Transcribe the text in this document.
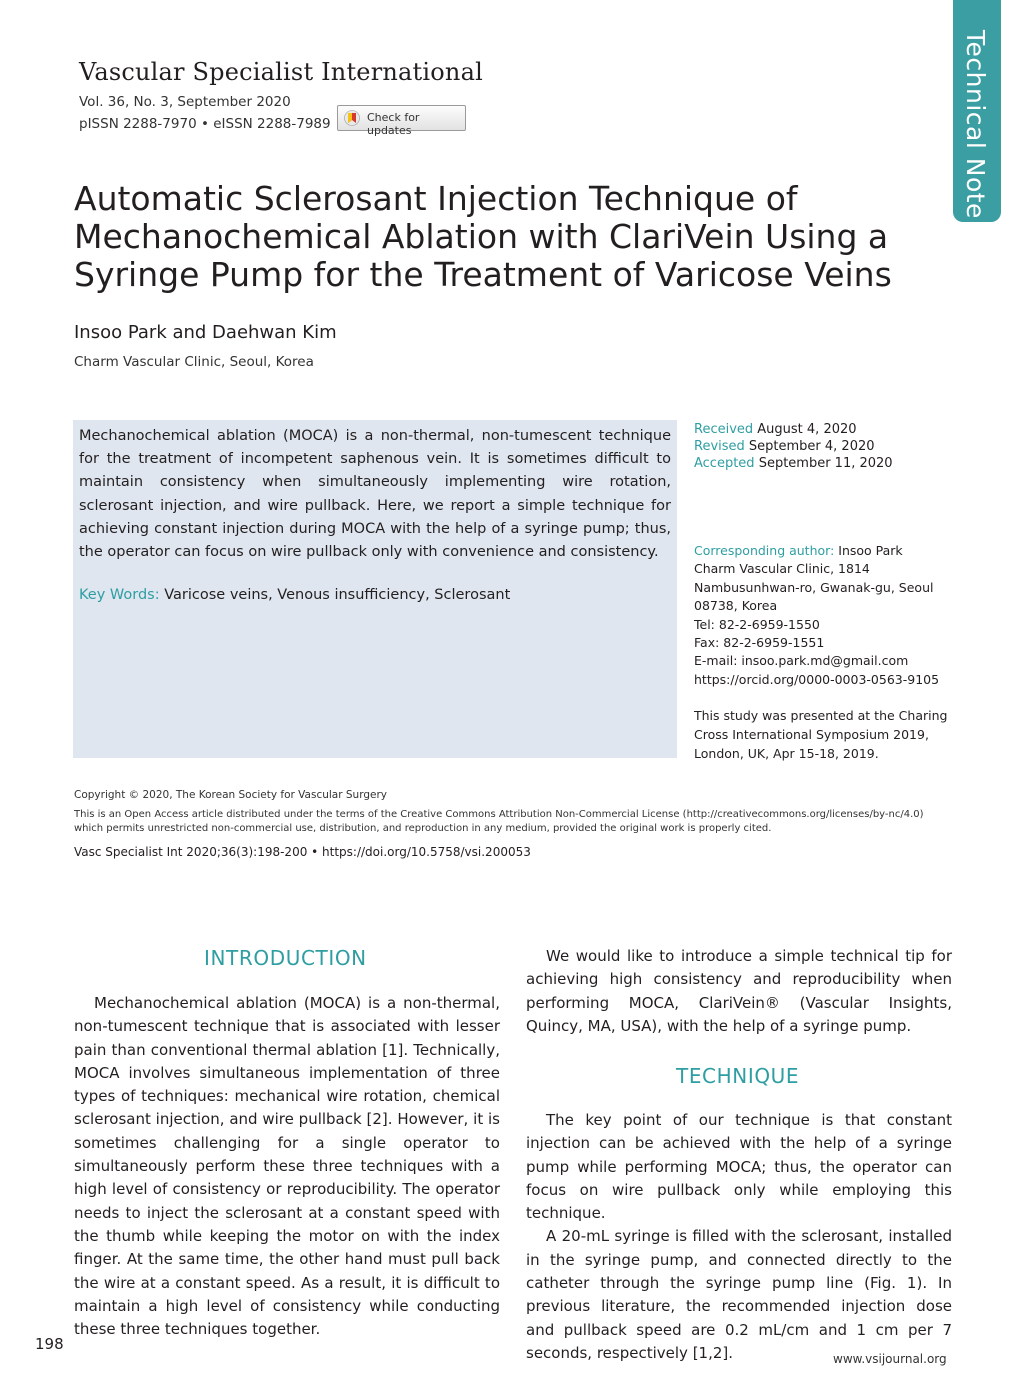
Technical Note
Vascular Specialist International
Vol. 36, No. 3, September 2020
pISSN 2288-7970 • eISSN 2288-7989	Check for updates
Automatic Sclerosant Injection Technique of Mechanochemical Ablation with ClariVein Using a Syringe Pump for the Treatment of Varicose Veins
Insoo Park and Daehwan Kim
Charm Vascular Clinic, Seoul, Korea
Mechanochemical ablation (MOCA) is a non-thermal, non-tumescent technique for the treatment of incompetent saphenous vein. It is sometimes difficult to maintain consistency when simultaneously implementing wire rotation, sclerosant injection, and wire pullback. Here, we report a simple technique for achieving constant injection during MOCA with the help of a syringe pump; thus, the operator can focus on wire pullback only with convenience and consistency.
Key Words: Varicose veins, Venous insufficiency, Sclerosant
Received August 4, 2020
Revised September 4, 2020
Accepted September 11, 2020
Corresponding author: Insoo Park
Charm Vascular Clinic, 1814
Nambusunhwan-ro, Gwanak-gu, Seoul
08738, Korea
Tel: 82-2-6959-1550
Fax: 82-2-6959-1551
E-mail: insoo.park.md@gmail.com
https://orcid.org/0000-0003-0563-9105
This study was presented at the Charing Cross International Symposium 2019, London, UK, Apr 15-18, 2019.
Copyright © 2020, The Korean Society for Vascular Surgery
This is an Open Access article distributed under the terms of the Creative Commons Attribution Non-Commercial License (http://creativecommons.org/licenses/by-nc/4.0) which permits unrestricted non-commercial use, distribution, and reproduction in any medium, provided the original work is properly cited.
Vasc Specialist Int 2020;36(3):198-200 • https://doi.org/10.5758/vsi.200053
INTRODUCTION

Mechanochemical ablation (MOCA) is a non-thermal, non-tumescent technique that is associated with lesser pain than conventional thermal ablation [1]. Technically, MOCA involves simultaneous implementation of three types of techniques: mechanical wire rotation, chemical sclerosant injection, and wire pullback [2]. However, it is sometimes challenging for a single operator to simultaneously perform these three techniques with a high level of consistency or reproducibility. The operator needs to inject the sclerosant at a constant speed with the thumb while keeping the motor on with the index finger. At the same time, the other hand must pull back the wire at a constant speed. As a result, it is difficult to maintain a high level of consistency while conducting these three techniques together.

We would like to introduce a simple technical tip for achieving high consistency and reproducibility when performing MOCA, ClariVein® (Vascular Insights, Quincy, MA, USA), with the help of a syringe pump.

TECHNIQUE

The key point of our technique is that constant injection can be achieved with the help of a syringe pump while performing MOCA; thus, the operator can focus on wire pullback only while employing this technique.

A 20-mL syringe is filled with the sclerosant, installed in the syringe pump, and connected directly to the catheter through the syringe pump line (Fig. 1). In previous literature, the recommended injection dose and pullback speed are 0.2 mL/cm and 1 cm per 7 seconds, respectively [1,2].

198
www.vsijournal.org
